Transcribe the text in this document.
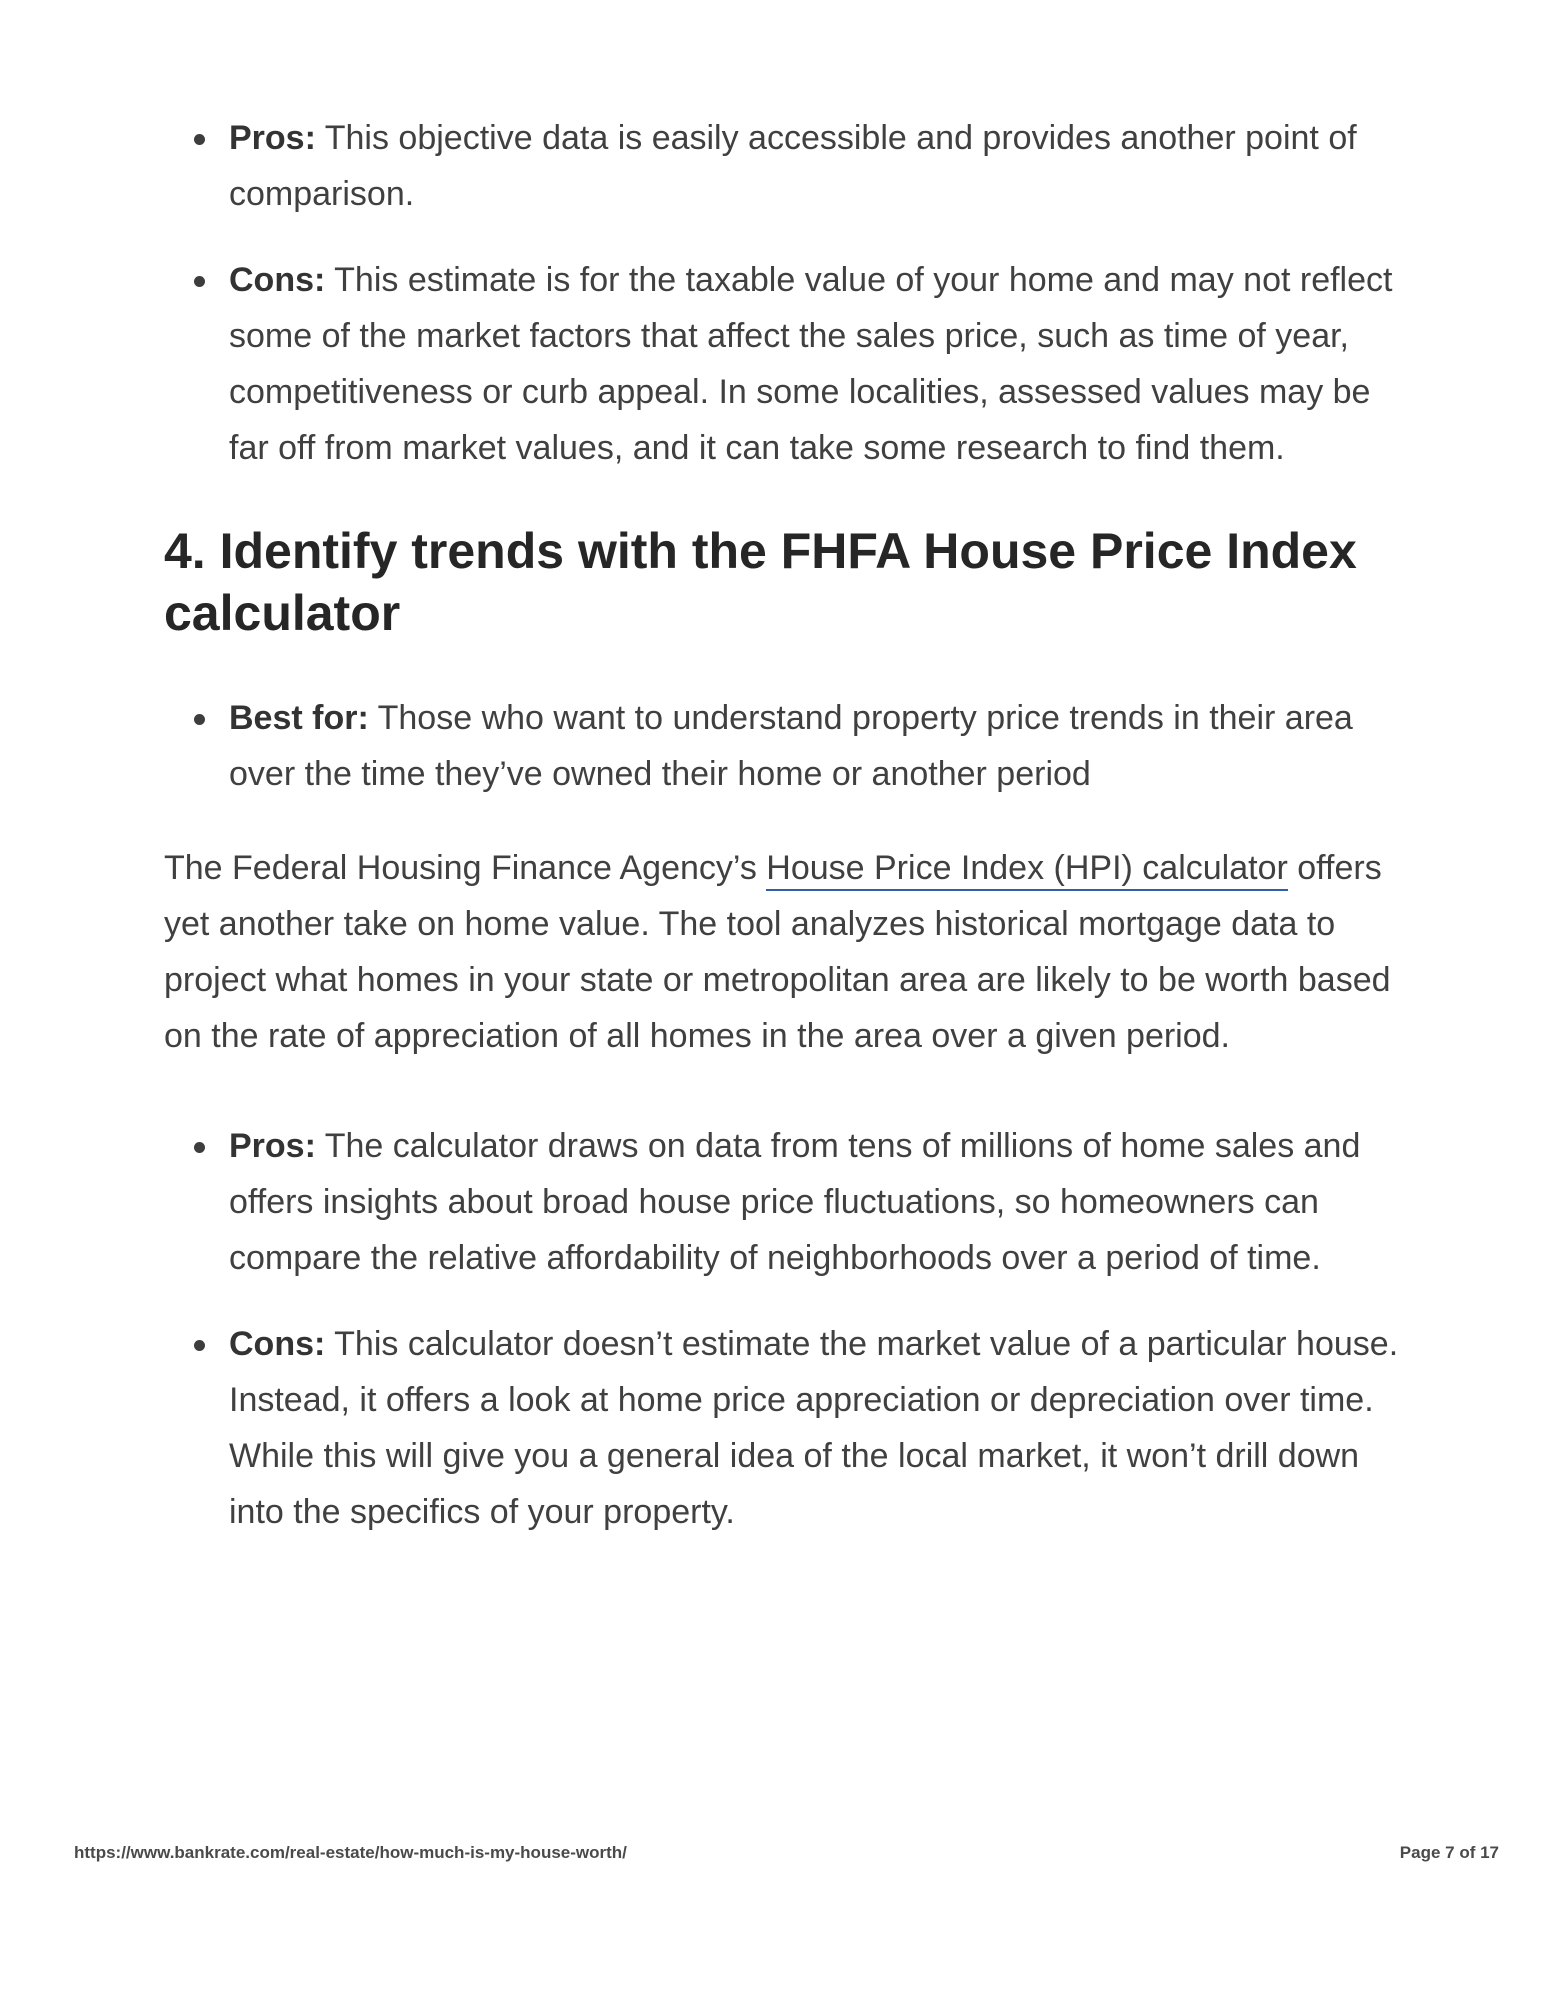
Pros: This objective data is easily accessible and provides another point of comparison.
Cons: This estimate is for the taxable value of your home and may not reflect some of the market factors that affect the sales price, such as time of year, competitiveness or curb appeal. In some localities, assessed values may be far off from market values, and it can take some research to find them.
4. Identify trends with the FHFA House Price Index calculator
Best for: Those who want to understand property price trends in their area over the time they’ve owned their home or another period

The Federal Housing Finance Agency’s House Price Index (HPI) calculator offers yet another take on home value. The tool analyzes historical mortgage data to project what homes in your state or metropolitan area are likely to be worth based on the rate of appreciation of all homes in the area over a given period.

Pros: The calculator draws on data from tens of millions of home sales and offers insights about broad house price fluctuations, so homeowners can compare the relative affordability of neighborhoods over a period of time.
Cons: This calculator doesn’t estimate the market value of a particular house. Instead, it offers a look at home price appreciation or depreciation over time. While this will give you a general idea of the local market, it won’t drill down into the specifics of your property.
https://www.bankrate.com/real-estate/how-much-is-my-house-worth/	Page 7 of 17
